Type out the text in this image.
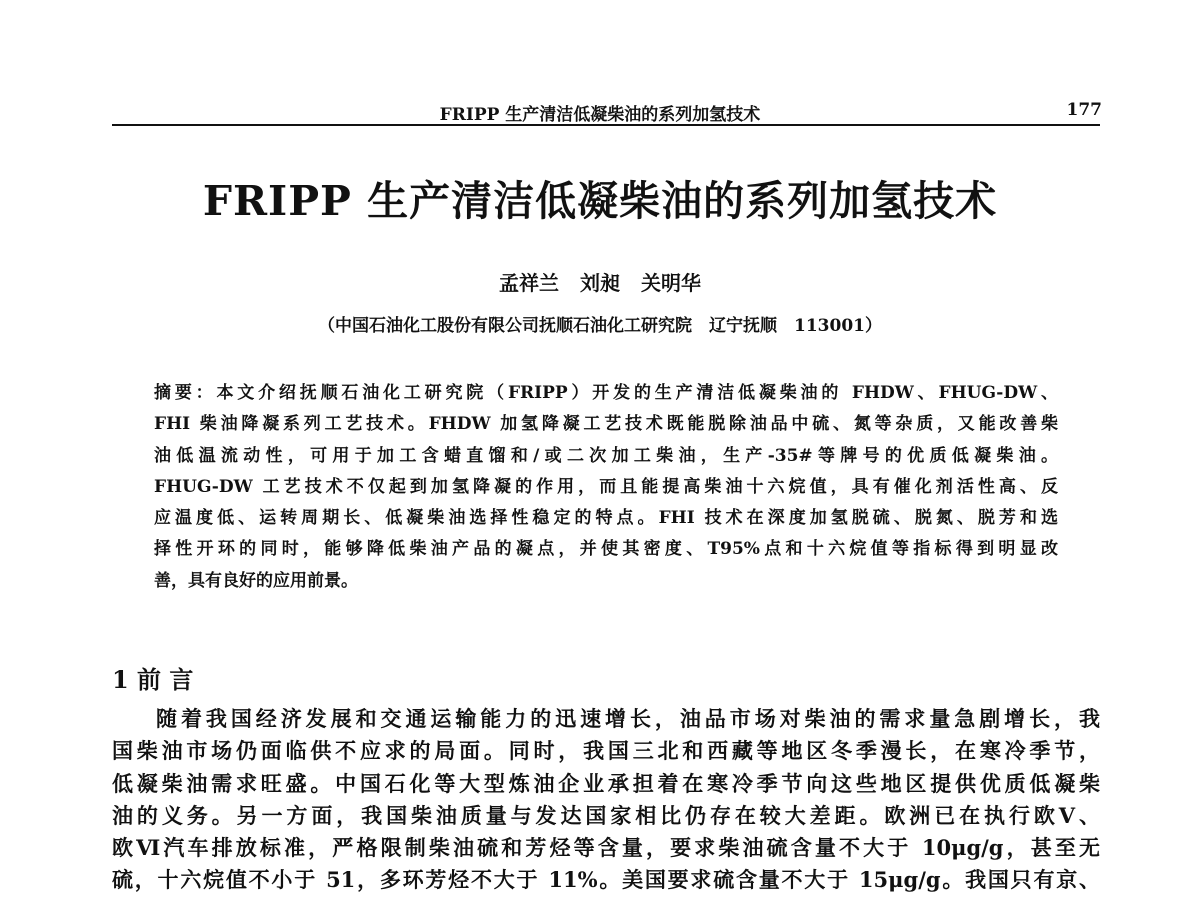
FRIPP 生产清洁低凝柴油的系列加氢技术	177
FRIPP 生产清洁低凝柴油的系列加氢技术
孟祥兰 刘昶 关明华
（中国石油化工股份有限公司抚顺石油化工研究院　辽宁抚顺　113001）
摘要：本文介绍抚顺石油化工研究院（FRIPP）开发的生产清洁低凝柴油的 FHDW、FHUG-DW、
FHI 柴油降凝系列工艺技术。FHDW 加氢降凝工艺技术既能脱除油品中硫、氮等杂质，又能改善柴
油低温流动性，可用于加工含蜡直馏和/或二次加工柴油，生产-35#等牌号的优质低凝柴油。
FHUG-DW 工艺技术不仅起到加氢降凝的作用，而且能提高柴油十六烷值，具有催化剂活性高、反
应温度低、运转周期长、低凝柴油选择性稳定的特点。FHI 技术在深度加氢脱硫、脱氮、脱芳和选
择性开环的同时，能够降低柴油产品的凝点，并使其密度、T95%点和十六烷值等指标得到明显改
善，具有良好的应用前景。
1 前 言
随着我国经济发展和交通运输能力的迅速增长，油品市场对柴油的需求量急剧增长，我
国柴油市场仍面临供不应求的局面。同时，我国三北和西藏等地区冬季漫长，在寒冷季节，
低凝柴油需求旺盛。中国石化等大型炼油企业承担着在寒冷季节向这些地区提供优质低凝柴
油的义务。另一方面，我国柴油质量与发达国家相比仍存在较大差距。欧洲已在执行欧Ⅴ、
欧Ⅵ汽车排放标准，严格限制柴油硫和芳烃等含量，要求柴油硫含量不大于 10μg/g，甚至无
硫，十六烷值不小于 51，多环芳烃不大于 11%。美国要求硫含量不大于 15μg/g。我国只有京、
